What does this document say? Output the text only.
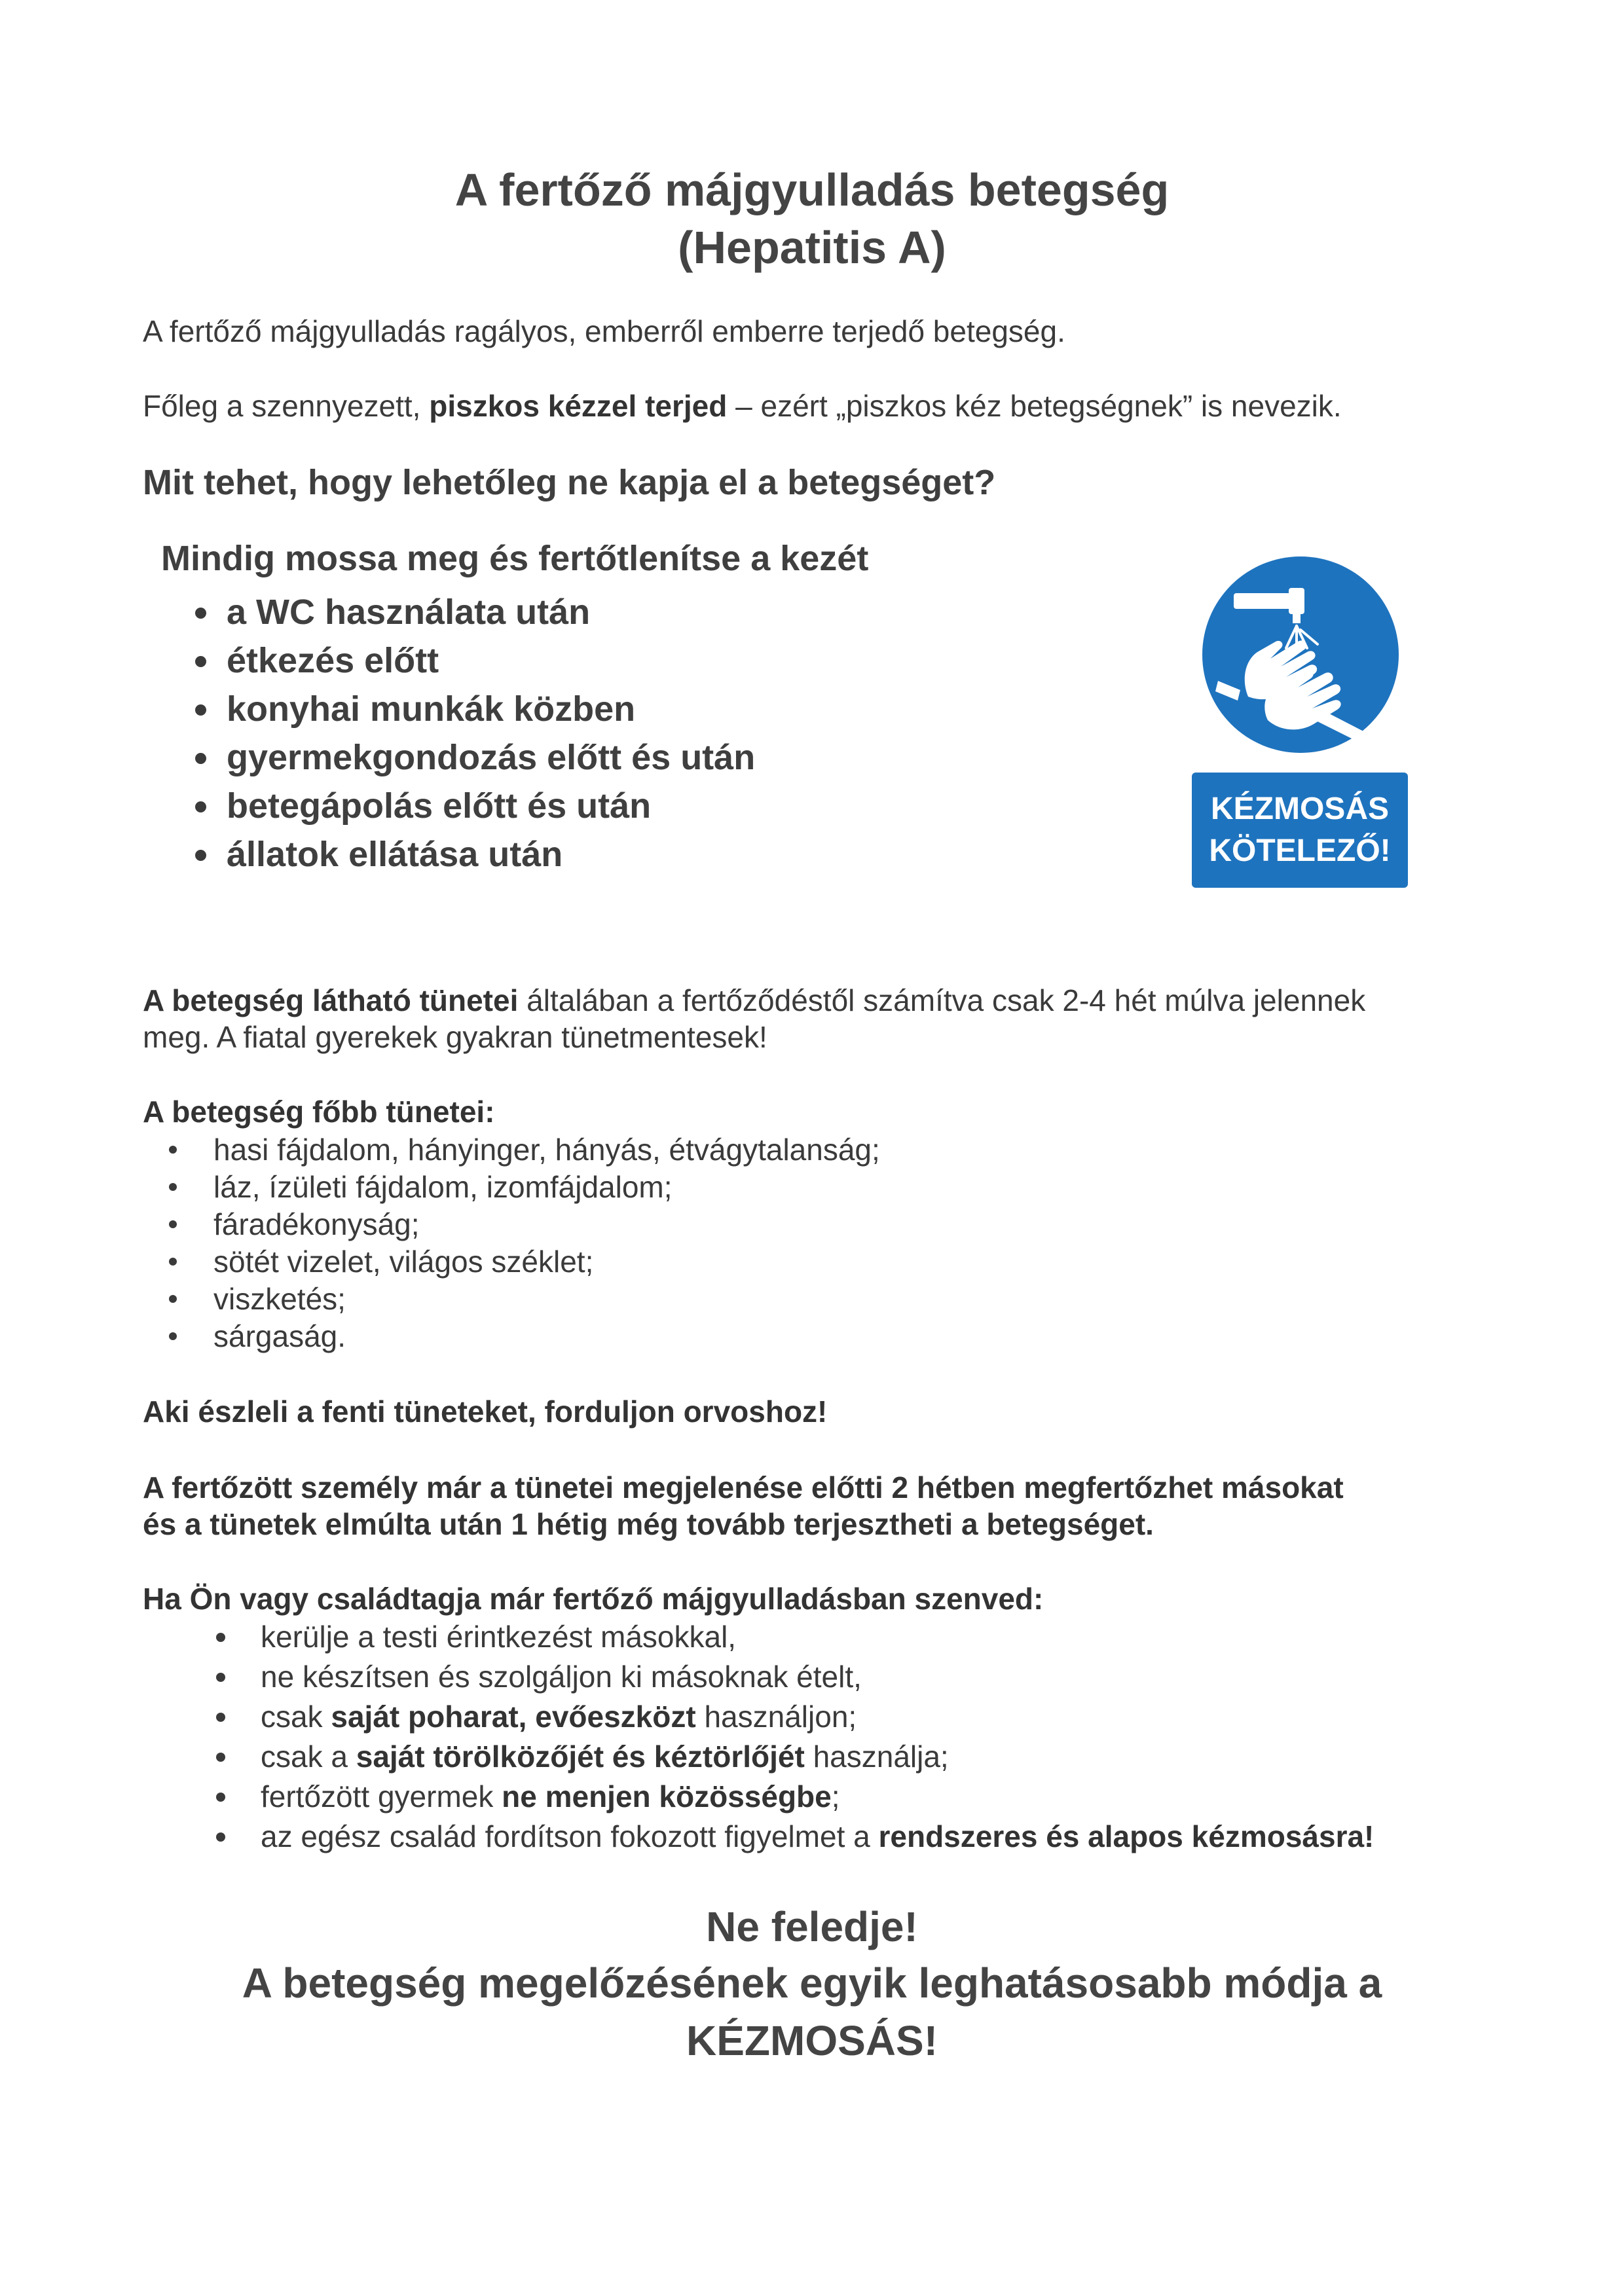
A fertőző májgyulladás betegség
(Hepatitis A)
A fertőző májgyulladás ragályos, emberről emberre terjedő betegség.
Főleg a szennyezett, piszkos kézzel terjed – ezért „piszkos kéz betegségnek” is nevezik.
Mit tehet, hogy lehetőleg ne kapja el a betegséget?
Mindig mossa meg és fertőtlenítse a kezét
a WC használata után
étkezés előtt
konyhai munkák közben
gyermekgondozás előtt és után
betegápolás előtt és után
állatok ellátása után
KÉZMOSÁS
KÖTELEZŐ!
A betegség látható tünetei általában a fertőződéstől számítva csak 2-4 hét múlva jelennek
meg. A fiatal gyerekek gyakran tünetmentesek!
A betegség főbb tünetei:
hasi fájdalom, hányinger, hányás, étvágytalanság;
láz, ízületi fájdalom, izomfájdalom;
fáradékonyság;
sötét vizelet, világos széklet;
viszketés;
sárgaság.
Aki észleli a fenti tüneteket, forduljon orvoshoz!
A fertőzött személy már a tünetei megjelenése előtti 2 hétben megfertőzhet másokat
és a tünetek elmúlta után 1 hétig még tovább terjesztheti a betegséget.
Ha Ön vagy családtagja már fertőző májgyulladásban szenved:
kerülje a testi érintkezést másokkal,
ne készítsen és szolgáljon ki másoknak ételt,
csak saját poharat, evőeszközt használjon;
csak a saját törölközőjét és kéztörlőjét használja;
fertőzött gyermek ne menjen közösségbe;
az egész család fordítson fokozott figyelmet a rendszeres és alapos kézmosásra!
Ne feledje!
A betegség megelőzésének egyik leghatásosabb módja a
KÉZMOSÁS!
